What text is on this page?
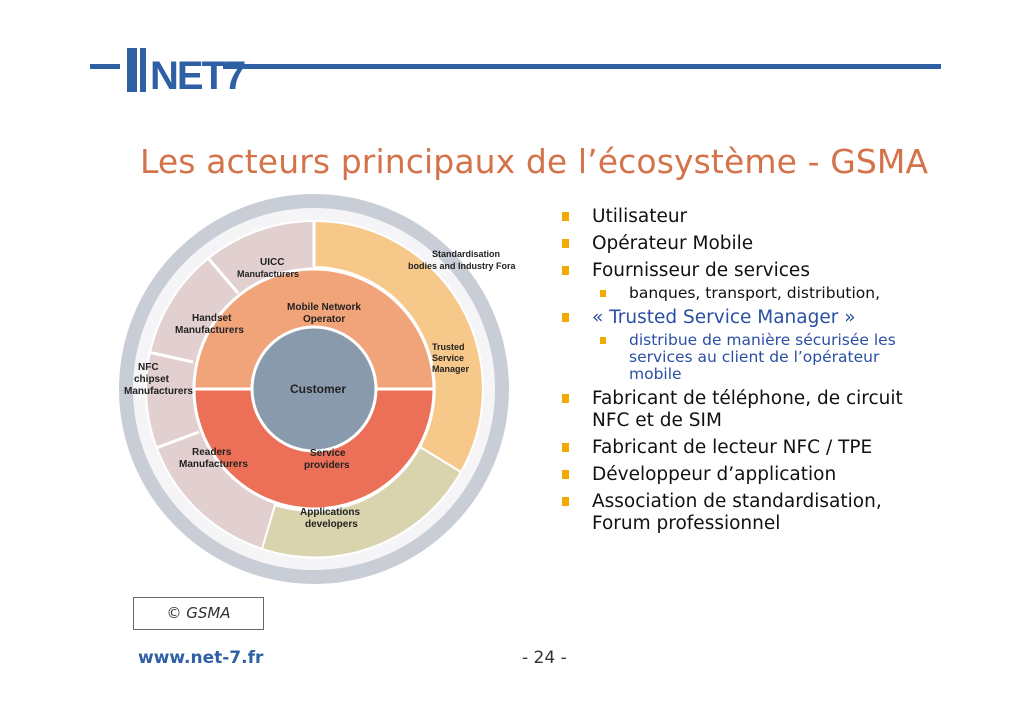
NET7
Les acteurs principaux de l’écosystème - GSMA
Customer
Mobile Network
Operator
Service
providers
UICC
Manufacturers
Handset
Manufacturers
NFC
chipset
Manufacturers
Readers
Manufacturers
Applications
developers
Trusted
Service
Manager
Standardisation
bodies and Industry Fora
© GSMA
Utilisateur
Opérateur Mobile
Fournisseur de services
banques, transport, distribution,
« Trusted Service Manager »
distribue de manière sécurisée les services au client de l’opérateur mobile
Fabricant de téléphone, de circuit NFC et de SIM
Fabricant de lecteur NFC / TPE
Développeur d’application
Association de standardisation, Forum professionnel
www.net-7.fr	- 24 -
